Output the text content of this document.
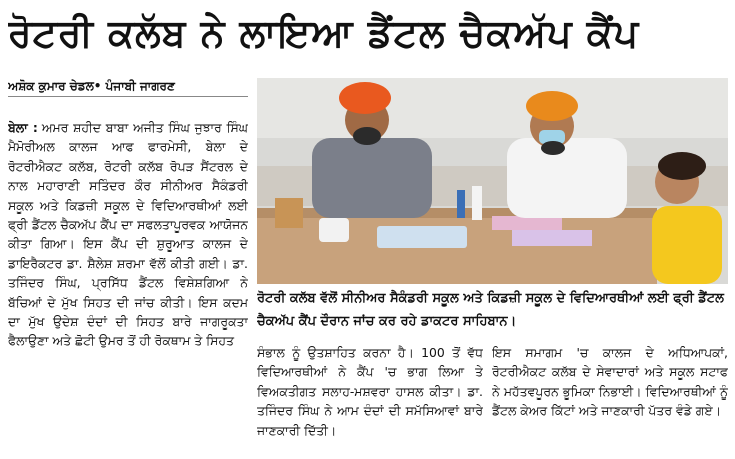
ਰੋਟਰੀ ਕਲੱਬ ਨੇ ਲਾਇਆ ਡੈਂਟਲ ਚੈਕਅੱਪ ਕੈਂਪ
ਅਸ਼ੋਕ ਕੁਮਾਰ ਚੇਡਲ• ਪੰਜਾਬੀ ਜਾਗਰਣ
ਬੇਲਾ : ਅਮਰ ਸ਼ਹੀਦ ਬਾਬਾ ਅਜੀਤ ਸਿੰਘ ਜੁਝਾਰ ਸਿੰਘ ਮੈਮੋਰੀਅਲ ਕਾਲਜ ਆਫ ਫਾਰਮੇਸੀ, ਬੇਲਾ ਦੇ ਰੋਟਰੀਐਕਟ ਕਲੱਬ, ਰੋਟਰੀ ਕਲੱਬ ਰੋਪੜ ਸੈਂਟਰਲ ਦੇ ਨਾਲ ਮਹਾਰਾਣੀ ਸਤਿੰਦਰ ਕੌਰ ਸੀਨੀਅਰ ਸੈਕੰਡਰੀ ਸਕੂਲ ਅਤੇ ਕਿਡਜ਼ੀ ਸਕੂਲ ਦੇ ਵਿਦਿਆਰਥੀਆਂ ਲਈ ਫ੍ਰੀ ਡੈਂਟਲ ਚੈਕਅੱਪ ਕੈਂਪ ਦਾ ਸਫਲਤਾਪੂਰਵਕ ਆਯੋਜਨ ਕੀਤਾ ਗਿਆ। ਇਸ ਕੈਂਪ ਦੀ ਸ਼ੁਰੂਆਤ ਕਾਲਜ ਦੇ ਡਾਇਰੈਕਟਰ ਡਾ. ਸ਼ੈਲੇਸ਼ ਸ਼ਰਮਾ ਵੱਲੋਂ ਕੀਤੀ ਗਈ। ਡਾ. ਤਜਿੰਦਰ ਸਿੰਘ, ਪ੍ਰਸਿੱਧ ਡੈਂਟਲ ਵਿਸ਼ੇਸ਼ਗਿਆ ਨੇ ਬੱਚਿਆਂ ਦੇ ਮੁੱਖ ਸਿਹਤ ਦੀ ਜਾਂਚ ਕੀਤੀ। ਇਸ ਕਦਮ ਦਾ ਮੁੱਖ ਉਦੇਸ਼ ਦੰਦਾਂ ਦੀ ਸਿਹਤ ਬਾਰੇ ਜਾਗਰੂਕਤਾ ਫੈਲਾਉਣਾ ਅਤੇ ਛੋਟੀ ਉਮਰ ਤੋਂ ਹੀ ਰੋਕਥਾਮ ਤੇ ਸਿਹਤ
ਰੋਟਰੀ ਕਲੱਬ ਵੱਲੋਂ ਸੀਨੀਅਰ ਸੈਕੰਡਰੀ ਸਕੂਲ ਅਤੇ ਕਿਡਜ਼ੀ ਸਕੂਲ ਦੇ ਵਿਦਿਆਰਥੀਆਂ ਲਈ ਫ੍ਰੀ ਡੈਂਟਲ ਚੈਕਅੱਪ ਕੈਂਪ ਦੌਰਾਨ ਜਾਂਚ ਕਰ ਰਹੇ ਡਾਕਟਰ ਸਾਹਿਬਾਨ।
ਸੰਭਾਲ ਨੂੰ ਉਤਸ਼ਾਹਿਤ ਕਰਨਾ ਹੈ। 100 ਤੋਂ ਵੱਧ ਵਿਦਿਆਰਥੀਆਂ ਨੇ ਕੈਂਪ 'ਚ ਭਾਗ ਲਿਆ ਤੇ ਵਿਅਕਤੀਗਤ ਸਲਾਹ-ਮਸ਼ਵਰਾ ਹਾਸਲ ਕੀਤਾ। ਡਾ. ਤਜਿੰਦਰ ਸਿੰਘ ਨੇ ਆਮ ਦੰਦਾਂ ਦੀ ਸਮੱਸਿਆਵਾਂ ਬਾਰੇ ਜਾਣਕਾਰੀ ਦਿੱਤੀ।
ਇਸ ਸਮਾਗਮ 'ਚ ਕਾਲਜ ਦੇ ਅਧਿਆਪਕਾਂ, ਰੋਟਰੀਐਕਟ ਕਲੱਬ ਦੇ ਸੇਵਾਦਾਰਾਂ ਅਤੇ ਸਕੂਲ ਸਟਾਫ ਨੇ ਮਹੱਤਵਪੂਰਨ ਭੂਮਿਕਾ ਨਿਭਾਈ। ਵਿਦਿਆਰਥੀਆਂ ਨੂੰ ਡੈਂਟਲ ਕੇਅਰ ਕਿੱਟਾਂ ਅਤੇ ਜਾਣਕਾਰੀ ਪੱਤਰ ਵੰਡੇ ਗਏ।
